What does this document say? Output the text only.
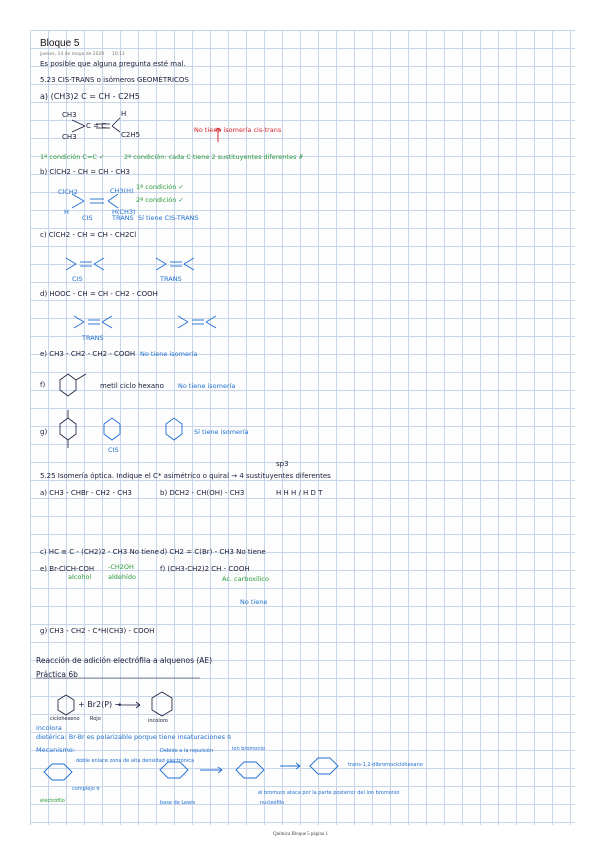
Bloque 5
jueves, 14 de mayo de 2020 10:11
Es posible que alguna pregunta esté mal.
5.23 CIS-TRANS o isómeros GEOMÉTRICOS
a) (CH3)2 C = CH - C2H5
CH3
CH3
C = C
H
C2H5
No tiene isomería cis-trans
1ª condición C=C ✓	2ª condición: cada C tiene 2 sustituyentes diferentes ✗
b) ClCH2 - CH = CH - CH3
1ª condición ✓
2ª condición ✓
ClCH2	CH3(H)
H	H(CH3)
CIS	TRANS Sí tiene CIS-TRANS
c) ClCH2 - CH = CH - CH2Cl
CIS	TRANS
d) HOOC - CH = CH - CH2 - COOH
TRANS
e) CH3 - CH2 - CH2 - COOH No tiene isomería
f)	metil ciclo hexano No tiene isomería
g)
CIS
Sí tiene isomería
sp3
5.25 Isomería óptica. Indique el C* asimétrico o quiral → 4 sustituyentes diferentes
a) CH3 - CHBr - CH2 - CH3	b) DCH2 - CH(OH) - CH3	H H H / H D T
c) HC ≡ C - (CH2)2 - CH3 No tiene d) CH2 = C(Br) - CH3 No tiene
e) Br-ClCH-COH
alcohol	aldehído
-CH2OH	f) (CH3-CH2)2 CH - COOH
Ac. carboxílico
No tiene
g) CH3 - CH2 - C*H(CH3) - COOH
Reacción de adición electrófila a alquenos (AE)
Práctica 6b
+ Br2(P) →
ciclohexeno Rojo	incoloro
incolora
dietérica: Br-Br es polarizable porque tiene insaturaciones π
Mecanismo:
doble enlace zona de alta densidad electrónica
complejo π
electrófilo
Debido a la repulsión	ion bromonio
base de Lewis
el bromuro ataca por la parte posterior del ion bromonio
trans-1,2-dibromociclohexano
nucleófilo
Química Bloque 5 página 1
